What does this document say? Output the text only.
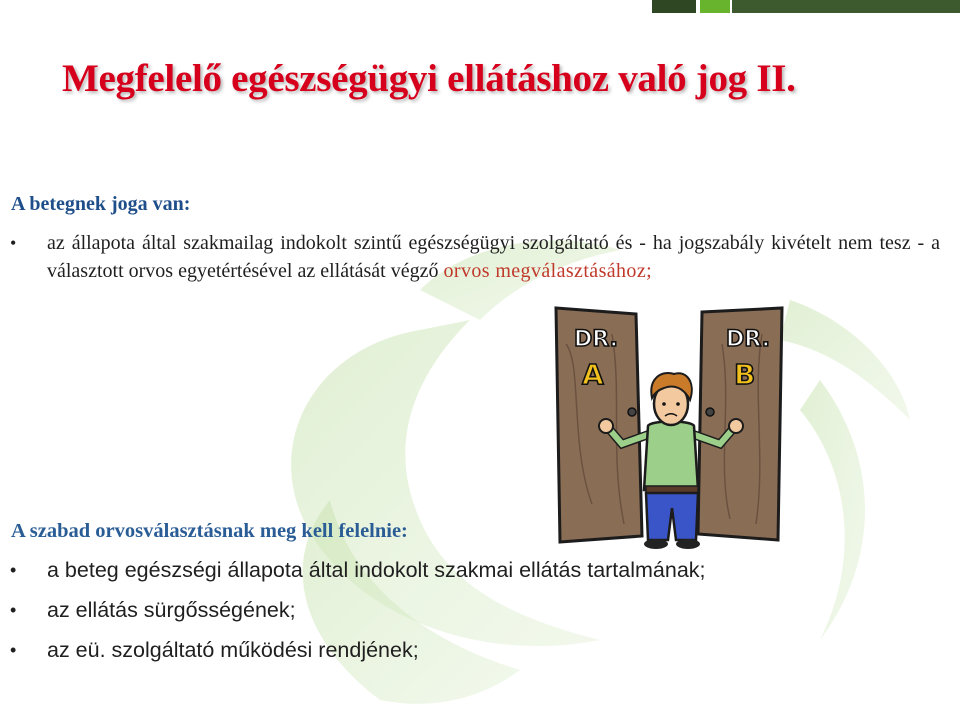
Megfelelő egészségügyi ellátáshoz való jog II.
A betegnek joga van:
• az állapota által szakmailag indokolt szintű egészségügyi szolgáltató és - ha jogszabály kivételt nem tesz - a választott orvos egyetértésével az ellátását végző orvos megválasztásához;
DR.
A
DR.
B
A szabad orvosválasztásnak meg kell felelnie:
• a beteg egészségi állapota által indokolt szakmai ellátás tartalmának;
• az ellátás sürgősségének;
• az eü. szolgáltató működési rendjének;
